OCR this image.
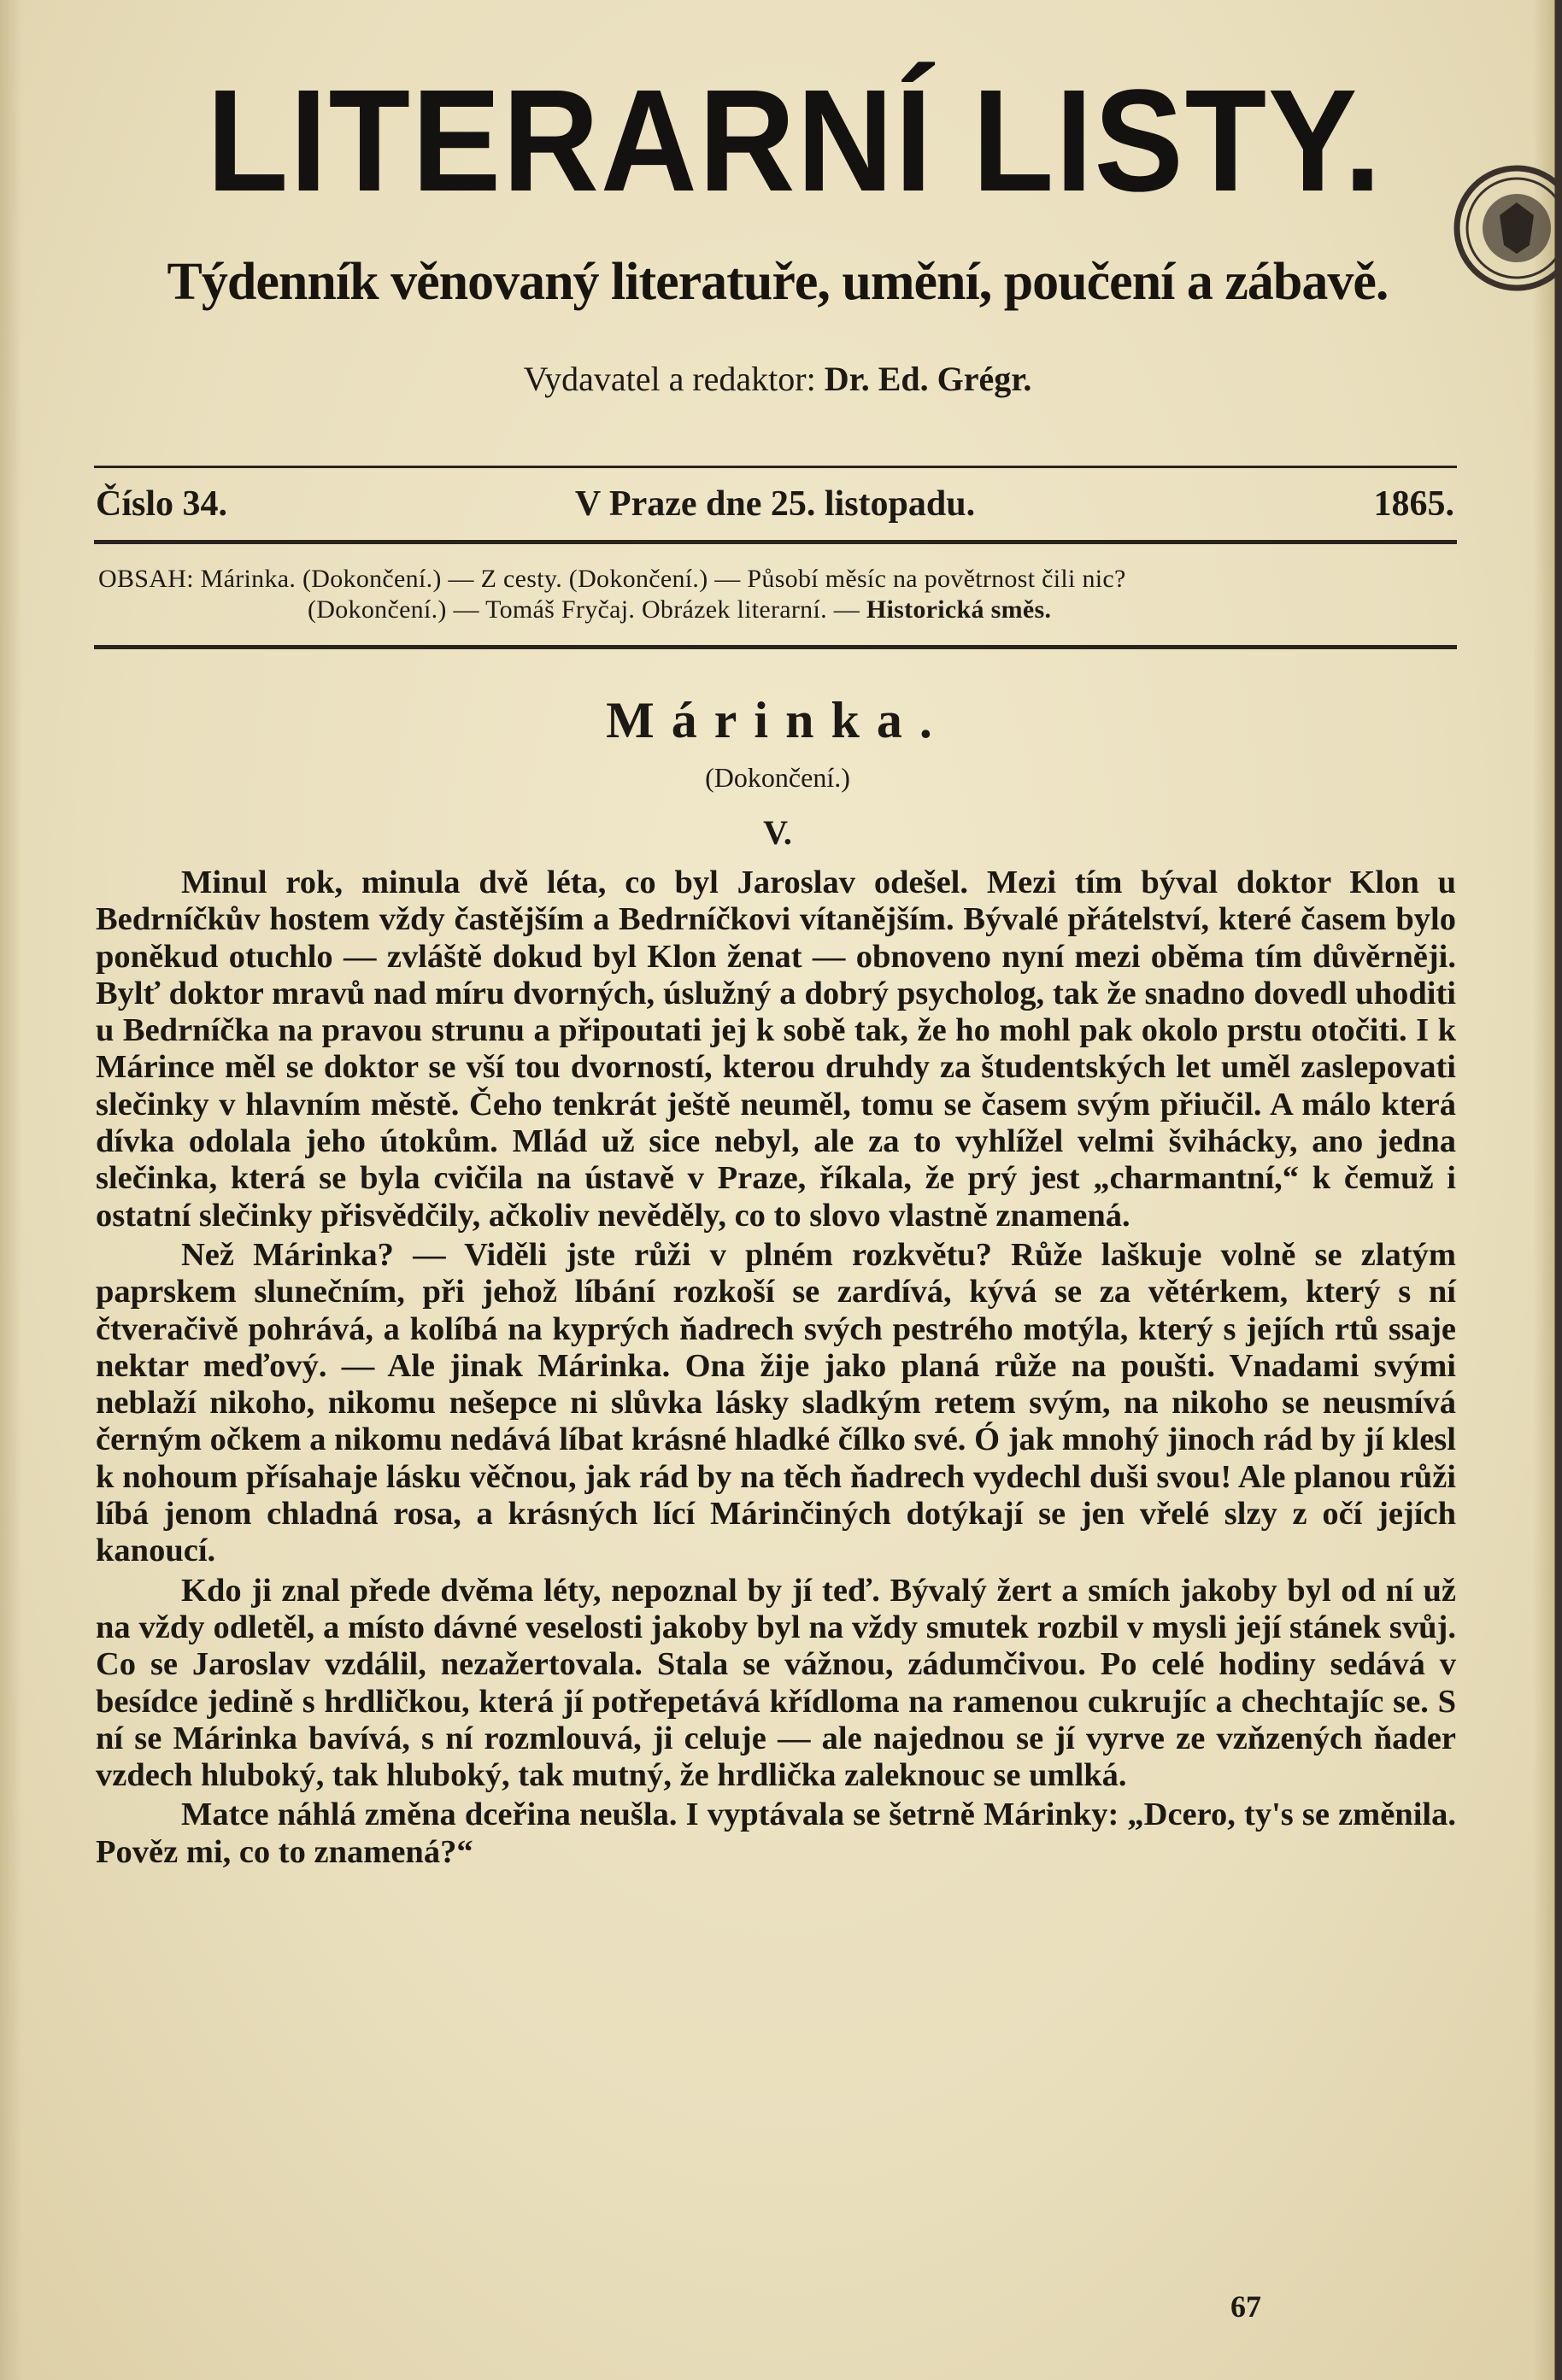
LITERARNÍ LISTY.
Týdenník věnovaný literatuře, umění, poučení a zábavě.
Vydavatel a redaktor: Dr. Ed. Grégr.
Číslo 34.	V Praze dne 25. listopadu.	1865.
OBSAH: Márinka. (Dokončení.) — Z cesty. (Dokončení.) — Působí měsíc na povětrnost čili nic?
(Dokončení.) — Tomáš Fryčaj. Obrázek literarní. — Historická směs.
Márinka.
(Dokončení.)
V.

Minul rok, minula dvě léta, co byl Jaroslav odešel. Mezi tím býval doktor Klon u Bedrníčkův hostem vždy častějším a Bedrníčkovi vítanějším. Bývalé přátelství, které časem bylo poněkud otuchlo — zvláště dokud byl Klon ženat — obnoveno nyní mezi oběma tím důvěrněji. Bylť doktor mravů nad míru dvorných, úslužný a dobrý psycholog, tak že snadno dovedl uhoditi u Bedrníčka na pravou strunu a připoutati jej k sobě tak, že ho mohl pak okolo prstu otočiti. I k Márince měl se doktor se vší tou dvorností, kterou druhdy za študentských let uměl zaslepovati slečinky v hlavním městě. Čeho tenkrát ještě neuměl, tomu se časem svým přiučil. A málo která dívka odolala jeho útokům. Mlád už sice nebyl, ale za to vyhlížel velmi švihácky, ano jedna slečinka, která se byla cvičila na ústavě v Praze, říkala, že prý jest „charmantní,“ k čemuž i ostatní slečinky přisvědčily, ačkoliv nevěděly, co to slovo vlastně znamená.

Než Márinka? — Viděli jste růži v plném rozkvětu? Růže laškuje volně se zlatým paprskem slunečním, při jehož líbání rozkoší se zardívá, kývá se za větérkem, který s ní čtveračivě pohrává, a kolíbá na kyprých ňadrech svých pestrého motýla, který s jejích rtů ssaje nektar meďový. — Ale jinak Márinka. Ona žije jako planá růže na poušti. Vnadami svými neblaží nikoho, nikomu nešepce ni slůvka lásky sladkým retem svým, na nikoho se neusmívá černým očkem a nikomu nedává líbat krásné hladké čílko své. Ó jak mnohý jinoch rád by jí klesl k nohoum přísahaje lásku věčnou, jak rád by na těch ňadrech vydechl duši svou! Ale planou růži líbá jenom chladná rosa, a krásných lící Márinčiných dotýkají se jen vřelé slzy z očí jejích kanoucí.

Kdo ji znal přede dvěma léty, nepoznal by jí teď. Bývalý žert a smích jakoby byl od ní už na vždy odletěl, a místo dávné veselosti jakoby byl na vždy smutek rozbil v mysli její stánek svůj. Co se Jaroslav vzdálil, nezažertovala. Stala se vážnou, zádumčivou. Po celé hodiny sedává v besídce jedině s hrdličkou, která jí potřepetává křídloma na ramenou cukrujíc a chechtajíc se. S ní se Márinka bavívá, s ní rozmlouvá, ji celuje — ale najednou se jí vyrve ze vzňzených ňader vzdech hluboký, tak hluboký, tak mutný, že hrdlička zaleknouc se umlká.

Matce náhlá změna dceřina neušla. I vyptávala se šetrně Márinky: „Dcero, ty's se změnila. Pověz mi, co to znamená?“

67
